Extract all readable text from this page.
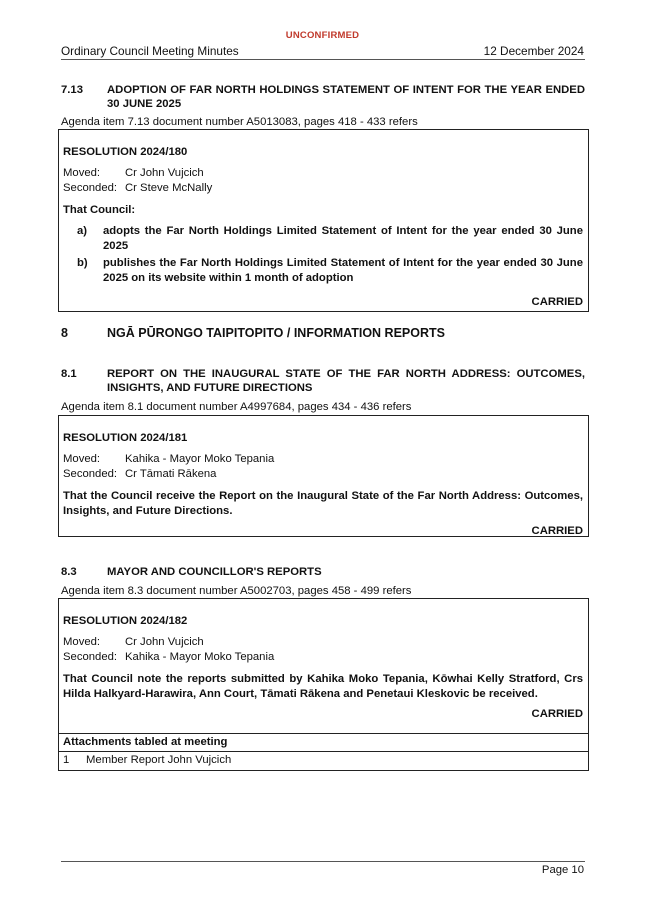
UNCONFIRMED
Ordinary Council Meeting Minutes	12 December 2024
7.13	ADOPTION OF FAR NORTH HOLDINGS STATEMENT OF INTENT FOR THE YEAR ENDED 30 JUNE 2025
Agenda item 7.13 document number A5013083, pages 418 - 433 refers
RESOLUTION 2024/180
Moved: Cr John Vujcich
Seconded: Cr Steve McNally
That Council:
a)	adopts the Far North Holdings Limited Statement of Intent for the year ended 30 June 2025
b)	publishes the Far North Holdings Limited Statement of Intent for the year ended 30 June 2025 on its website within 1 month of adoption
CARRIED
8	NGĀ PŪRONGO TAIPITOPITO / INFORMATION REPORTS
8.1	REPORT ON THE INAUGURAL STATE OF THE FAR NORTH ADDRESS: OUTCOMES, INSIGHTS, AND FUTURE DIRECTIONS
Agenda item 8.1 document number A4997684, pages 434 - 436 refers
RESOLUTION 2024/181
Moved: Kahika - Mayor Moko Tepania
Seconded: Cr Tāmati Rākena
That the Council receive the Report on the Inaugural State of the Far North Address: Outcomes, Insights, and Future Directions.
CARRIED
8.3	MAYOR AND COUNCILLOR'S REPORTS
Agenda item 8.3 document number A5002703, pages 458 - 499 refers
RESOLUTION 2024/182
Moved: Cr John Vujcich
Seconded: Kahika - Mayor Moko Tepania
That Council note the reports submitted by Kahika Moko Tepania, Kōwhai Kelly Stratford, Crs Hilda Halkyard-Harawira, Ann Court, Tāmati Rākena and Penetaui Kleskovic be received.
CARRIED
Attachments tabled at meeting
1	Member Report John Vujcich
Page 10
